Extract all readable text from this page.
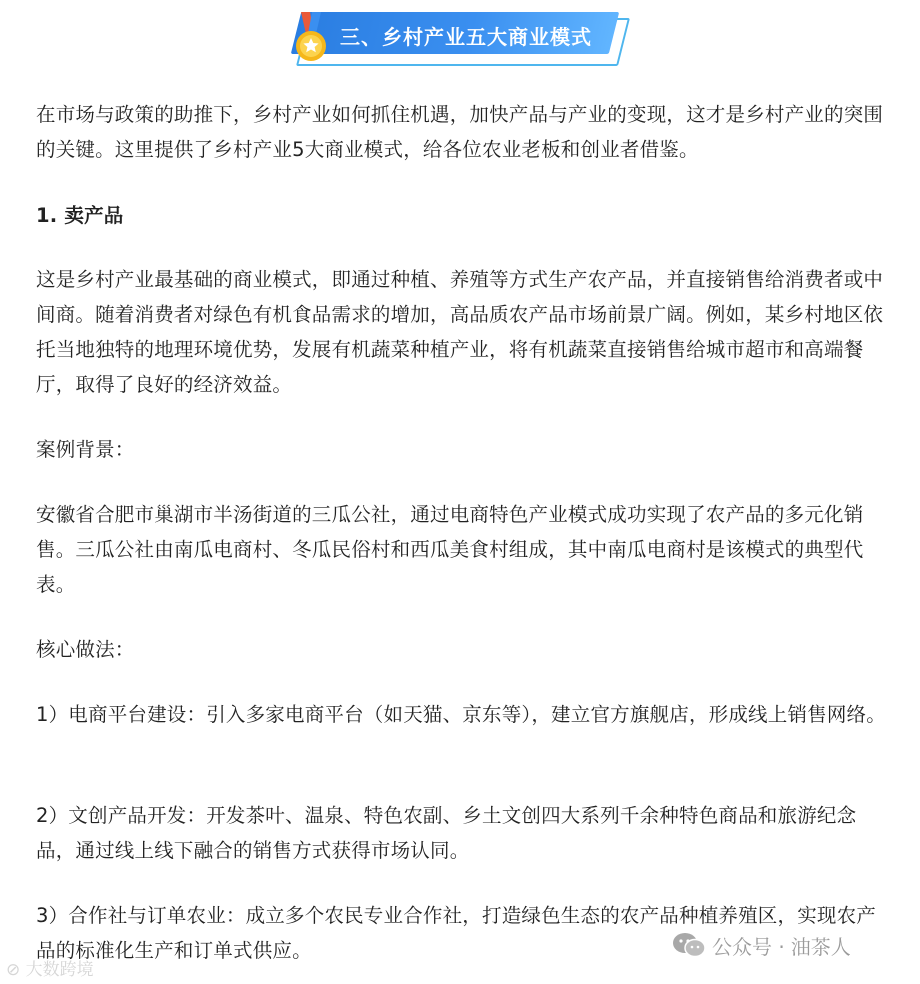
三、乡村产业五大商业模式

在市场与政策的助推下，乡村产业如何抓住机遇，加快产品与产业的变现，这才是乡村产业的突围的关键。这里提供了乡村产业5大商业模式，给各位农业老板和创业者借鉴。

1. 卖产品

这是乡村产业最基础的商业模式，即通过种植、养殖等方式生产农产品，并直接销售给消费者或中间商。随着消费者对绿色有机食品需求的增加，高品质农产品市场前景广阔。例如，某乡村地区依托当地独特的地理环境优势，发展有机蔬菜种植产业，将有机蔬菜直接销售给城市超市和高端餐厅，取得了良好的经济效益。

案例背景：

安徽省合肥市巢湖市半汤街道的三瓜公社，通过电商特色产业模式成功实现了农产品的多元化销售。三瓜公社由南瓜电商村、冬瓜民俗村和西瓜美食村组成，其中南瓜电商村是该模式的典型代表。

核心做法：

1）电商平台建设：引入多家电商平台（如天猫、京东等），建立官方旗舰店，形成线上销售网络。

2）文创产品开发：开发茶叶、温泉、特色农副、乡土文创四大系列千余种特色商品和旅游纪念品，通过线上线下融合的销售方式获得市场认同。

3）合作社与订单农业：成立多个农民专业合作社，打造绿色生态的农产品种植养殖区，实现农产品的标准化生产和订单式供应。

⊘ 大数跨境
公众号 · 油茶人
